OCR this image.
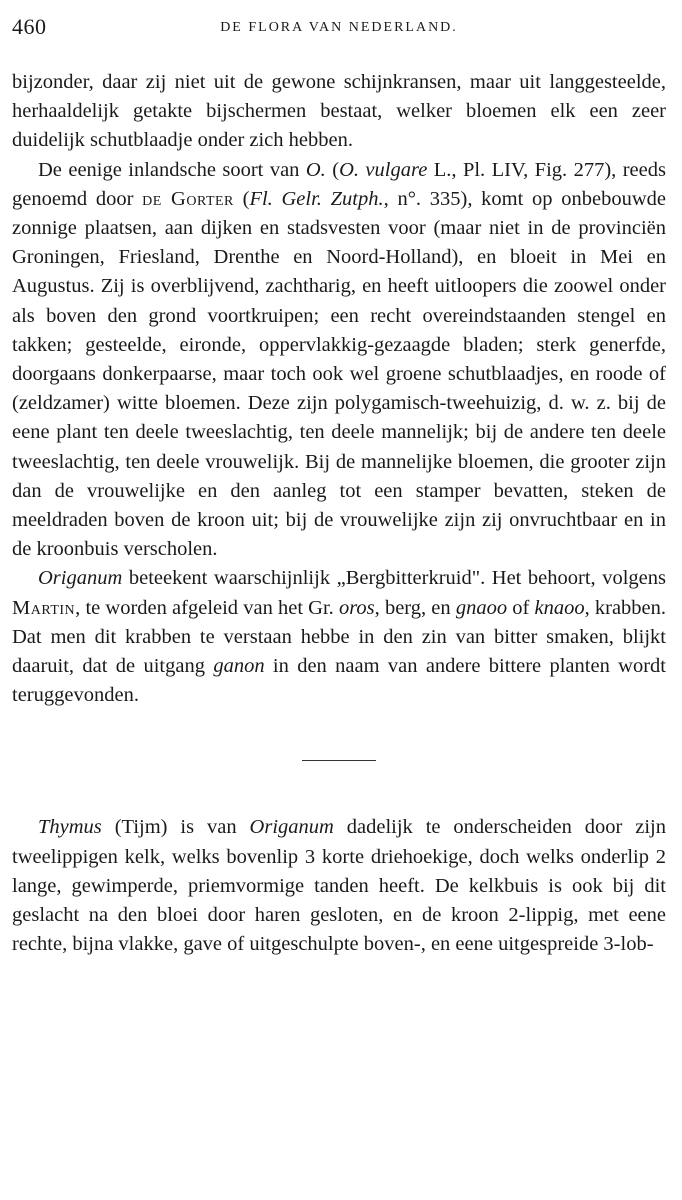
460	DE FLORA VAN NEDERLAND.

bijzonder, daar zij niet uit de gewone schijnkransen, maar uit langgesteelde, herhaaldelijk getakte bijschermen bestaat, welker bloemen elk een zeer duidelijk schutblaadje onder zich hebben.

De eenige inlandsche soort van O. (O. vulgare L., Pl. LIV, Fig. 277), reeds genoemd door de Gorter (Fl. Gelr. Zutph., n°. 335), komt op onbebouwde zonnige plaatsen, aan dijken en stadsvesten voor (maar niet in de provinciën Groningen, Friesland, Drenthe en Noord-Holland), en bloeit in Mei en Augustus. Zij is overblijvend, zachtharig, en heeft uitloopers die zoowel onder als boven den grond voortkruipen; een recht overeindstaanden stengel en takken; gesteelde, eironde, oppervlakkig-gezaagde bladen; sterk generfde, doorgaans donkerpaarse, maar toch ook wel groene schutblaadjes, en roode of (zeldzamer) witte bloemen. Deze zijn polygamisch-tweehuizig, d. w. z. bij de eene plant ten deele tweeslachtig, ten deele mannelijk; bij de andere ten deele tweeslachtig, ten deele vrouwelijk. Bij de mannelijke bloemen, die grooter zijn dan de vrouwelijke en den aanleg tot een stamper bevatten, steken de meeldraden boven de kroon uit; bij de vrouwelijke zijn zij onvruchtbaar en in de kroonbuis verscholen.

Origanum beteekent waarschijnlijk „Bergbitterkruid". Het behoort, volgens Martin, te worden afgeleid van het Gr. oros, berg, en gnaoo of knaoo, krabben. Dat men dit krabben te verstaan hebbe in den zin van bitter smaken, blijkt daaruit, dat de uitgang ganon in den naam van andere bittere planten wordt teruggevonden.

Thymus (Tijm) is van Origanum dadelijk te onderscheiden door zijn tweelippigen kelk, welks bovenlip 3 korte driehoekige, doch welks onderlip 2 lange, gewimperde, priemvormige tanden heeft. De kelkbuis is ook bij dit geslacht na den bloei door haren gesloten, en de kroon 2-lippig, met eene rechte, bijna vlakke, gave of uitgeschulpte boven-, en eene uitgespreide 3-lob-
